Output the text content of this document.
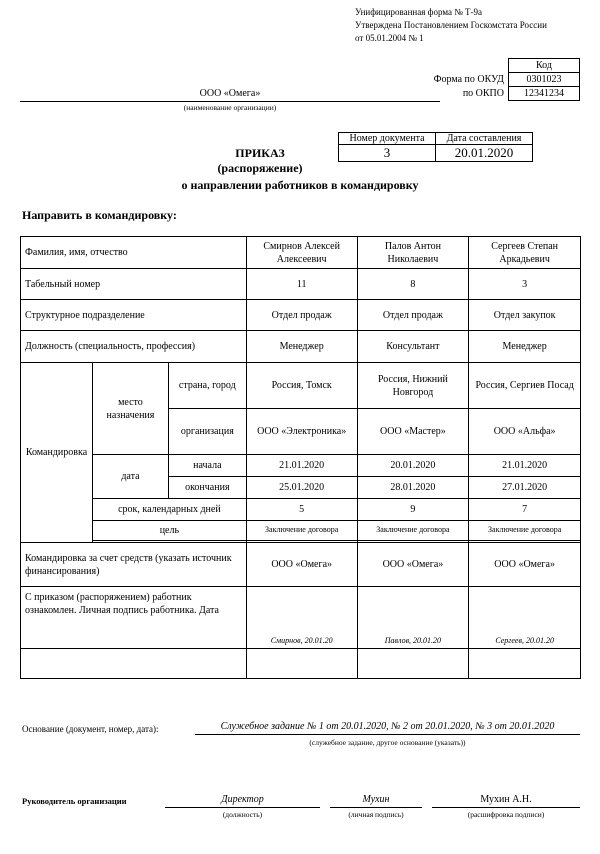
Унифицированная форма № Т-9а
Утверждена Постановлением Госкомстата России
от 05.01.2004 № 1
	Код
Форма по ОКУД	0301023
по ОКПО	12341234
ООО «Омега»
(наименование организации)
Номер документа	Дата составления
3	20.01.2020
ПРИКАЗ
(распоряжение)
о направлении работников в командировку
Направить в командировку:
Фамилия, имя, отчество			Смирнов Алексей Алексеевич	Палов Антон Николаевич	Сергеев Степан Аркадьевич
Табельный номер			11	8	3
Структурное подразделение			Отдел продаж	Отдел продаж	Отдел закупок
Должность (специальность, профессия)			Менеджер	Консультант	Менеджер
Командировка	место назначения	страна, город	Россия, Томск	Россия, Нижний Новгород	Россия, Сергиев Посад
		организация	ООО «Электроника»	ООО «Мастер»	ООО «Альфа»
	дата	начала	21.01.2020	20.01.2020	21.01.2020
		окончания	25.01.2020	28.01.2020	27.01.2020
	срок, календарных дней		5	9	7
	цель		Заключение договора	Заключение договора	Заключение договора

Командировка за счет средств (указать источник финансирования)			ООО «Омега»	ООО «Омега»	ООО «Омега»
С приказом (распоряжением) работник ознакомлен. Личная подпись работника. Дата			Смирнов, 20.01.20	Павлов, 20.01.20	Сергеев, 20.01.20

Основание (документ, номер, дата):	Служебное задание № 1 от 20.01.2020, № 2 от 20.01.2020, № 3 от 20.01.2020
(служебное задание, другое основание (указать))
Руководитель организации	Директор
(должность)
Мухин
(личная подпись)
Мухин А.Н.
(расшифровка подписи)
